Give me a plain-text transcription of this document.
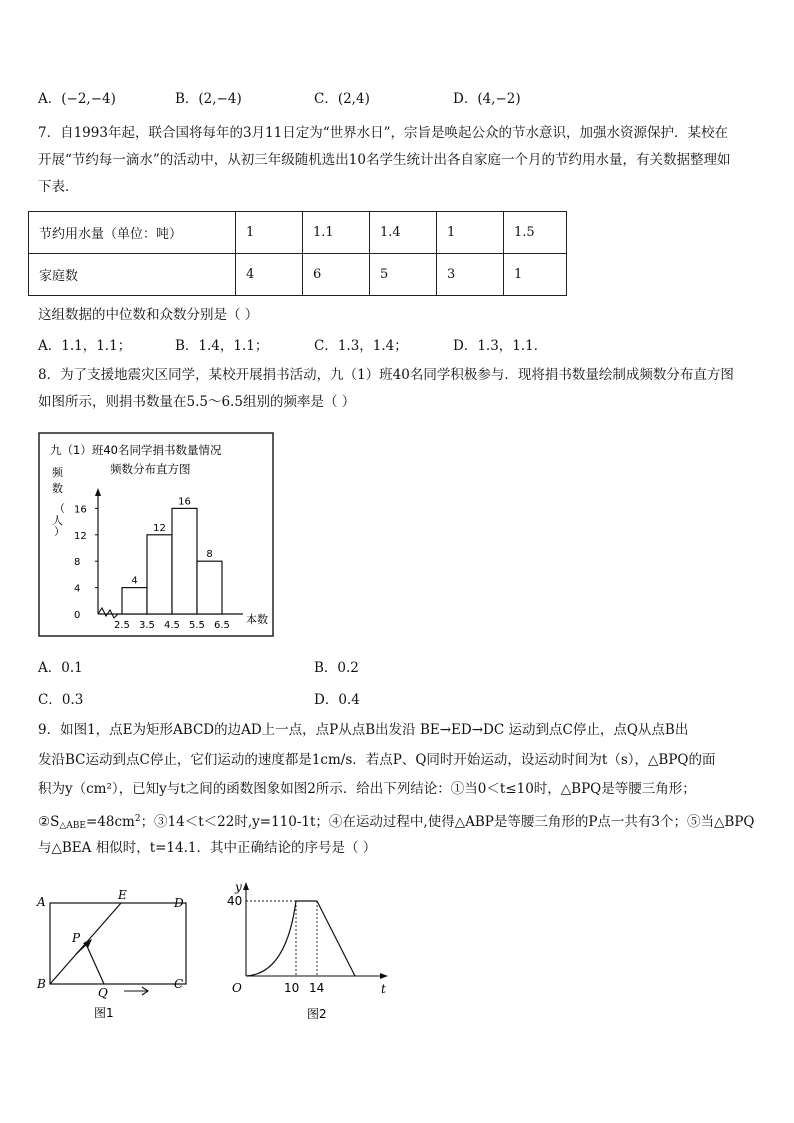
A．(−2,−4)	B．(2,−4)	C．(2,4)	D．(4,−2)
7．自1993年起，联合国将每年的3月11日定为“世界水日”，宗旨是唤起公众的节水意识，加强水资源保护．某校在
开展“节约每一滴水”的活动中，从初三年级随机选出10名学生统计出各自家庭一个月的节约用水量，有关数据整理如
下表．
节约用水量（单位：吨）	1	1.1	1.4	1	1.5
家庭数	4	6	5	3	1
这组数据的中位数和众数分别是（ ）
A．1.1，1.1；	B．1.4，1.1；	C．1.3，1.4；	D．1.3，1.1．
8．为了支援地震灾区同学，某校开展捐书活动，九（1）班40名同学积极参与．现将捐书数量绘制成频数分布直方图
如图所示，则捐书数量在5.5～6.5组别的频率是（ ）
九（1）班40名同学捐书数量情况
频数分布直方图
频
数
（
人
）
4
12
16
8
0
4
8
12
16
2.5 3.5 4.5 5.5 6.5 本数
A．0.1	B．0.2
C．0.3	D．0.4
9．如图1，点E为矩形ABCD的边AD上一点，点P从点B出发沿 BE→ED→DC 运动到点C停止，点Q从点B出
发沿BC运动到点C停止，它们运动的速度都是1cm/s．若点P、Q同时开始运动，设运动时间为t（s），△BPQ的面
积为y（cm²），已知y与t之间的函数图象如图2所示．给出下列结论：①当0＜t≤10时，△BPQ是等腰三角形；
$②S_{\triangle ABE}=48cm^2$；③14＜t＜22时,y=110-1t；④在运动过程中,使得△ABP是等腰三角形的P点一共有3个；⑤当△BPQ
与△BEA 相似时，t=14.1．其中正确结论的序号是（ ）
A
B	C
D
E
P
Q
图1
y
40
O	10 14	t
图2
